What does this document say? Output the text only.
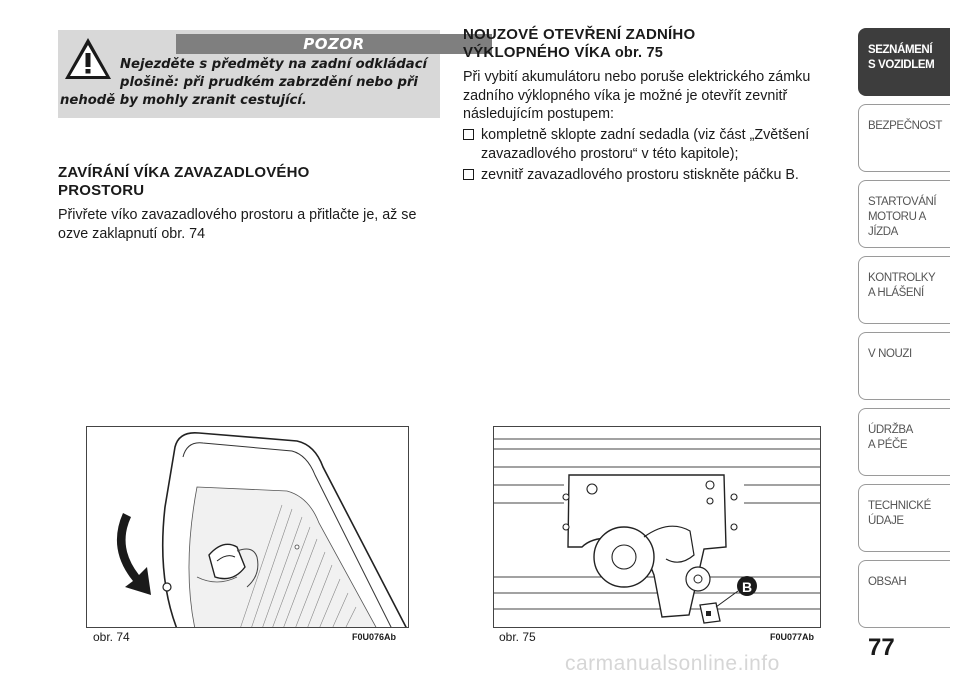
POZOR
Nejezděte s předměty na zadní odkládací
plošině: při prudkém zabrzdění nebo při
nehodě by mohly zranit cestující.
ZAVÍRÁNÍ VÍKA ZAVAZADLOVÉHO
PROSTORU
Přivřete víko zavazadlového prostoru a přitlačte je, až se
ozve zaklapnutí obr. 74
NOUZOVÉ OTEVŘENÍ ZADNÍHO
VÝKLOPNÉHO VÍKA obr. 75
Při vybití akumulátoru nebo poruše elektrického zámku
zadního výklopného víka je možné je otevřít zevnitř
následujícím postupem:
kompletně sklopte zadní sedadla (viz část „Zvětšení
zavazadlového prostoru“ v této kapitole);
zevnitř zavazadlového prostoru stiskněte páčku B.
obr. 74	F0U076Ab
B
obr. 75	F0U077Ab
SEZNÁMENÍ
S VOZIDLEM
BEZPEČNOST
STARTOVÁNÍ
MOTORU A JÍZDA
KONTROLKY
A HLÁŠENÍ
V NOUZI
ÚDRŽBA
A PÉČE
TECHNICKÉ
ÚDAJE
OBSAH
77
carmanualsonline.info
